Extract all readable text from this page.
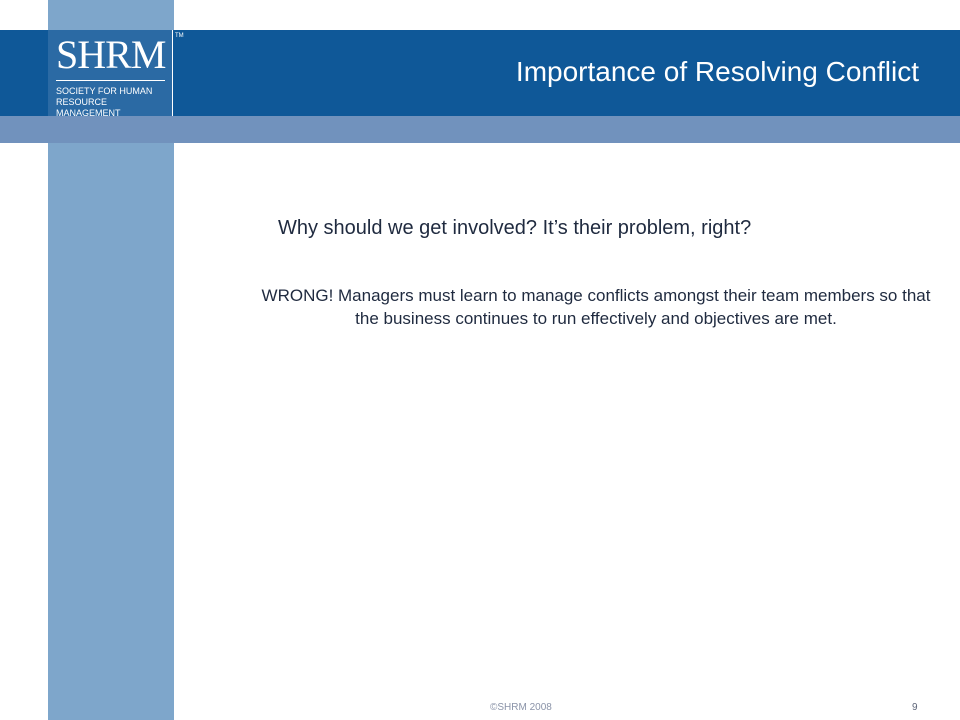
SHRM TM
SOCIETY FOR HUMAN
RESOURCE MANAGEMENT
Importance of Resolving Conflict
Why should we get involved? It’s their problem, right?
WRONG! Managers must learn to manage conflicts amongst their team members so that the business continues to run effectively and objectives are met.
©SHRM 2008	9
